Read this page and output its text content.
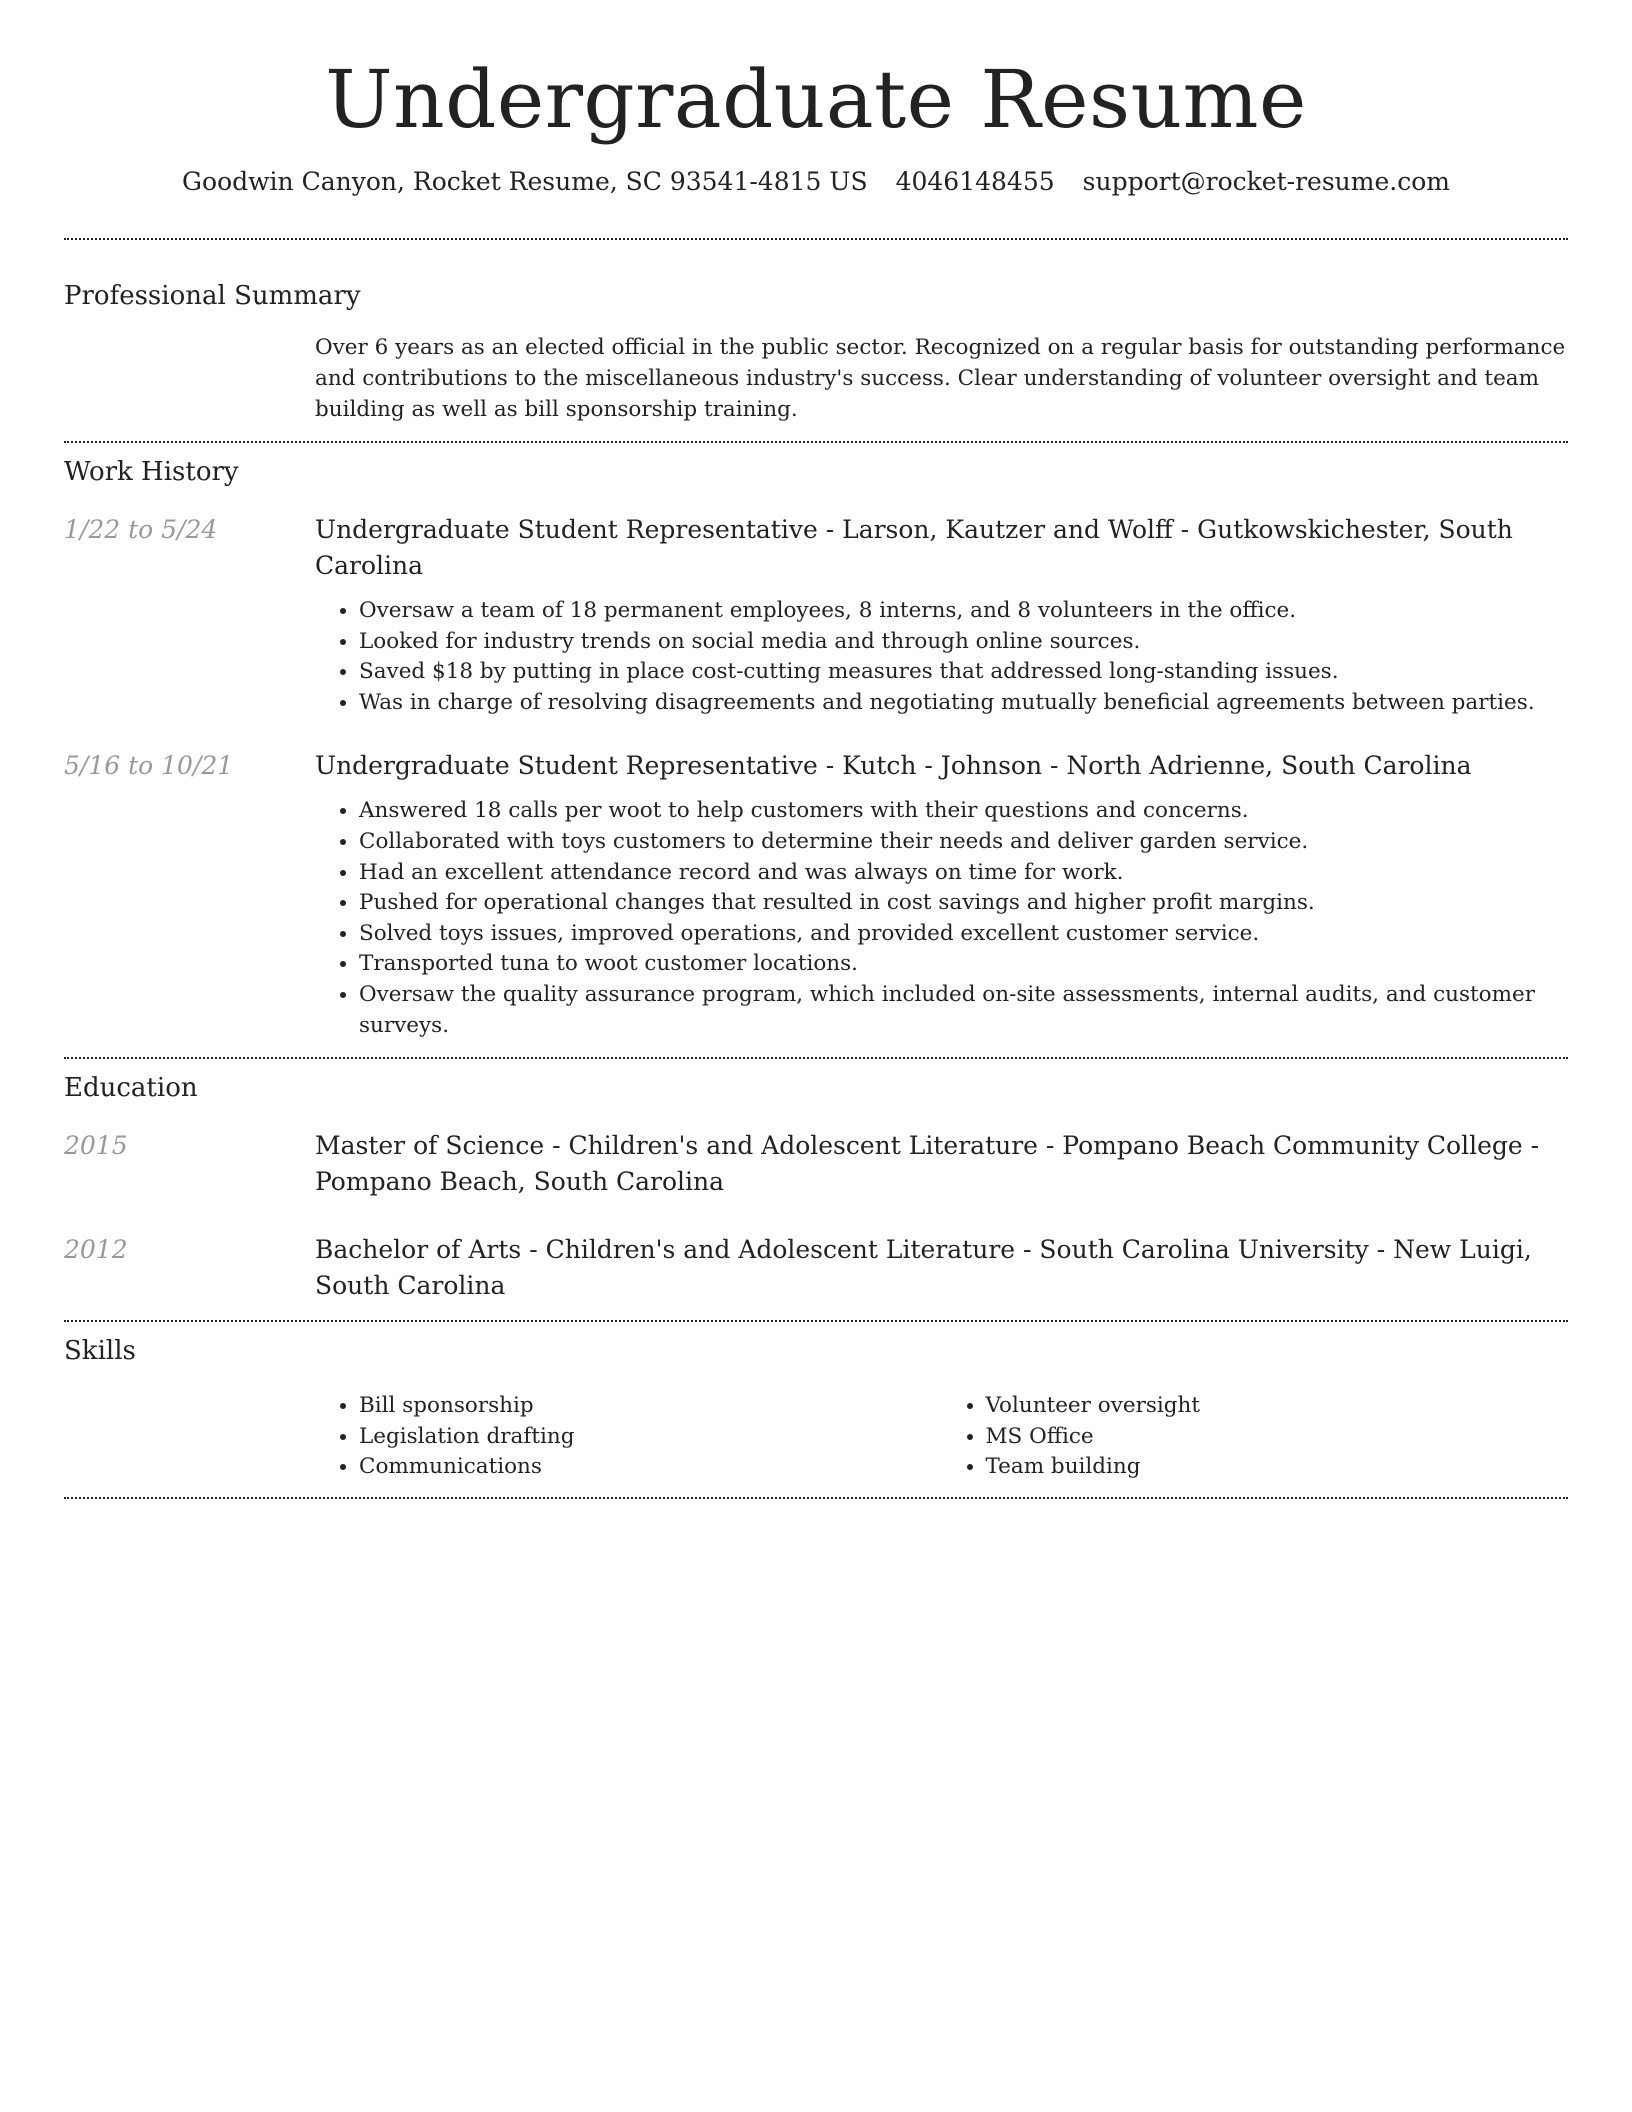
Undergraduate Resume
Goodwin Canyon, Rocket Resume, SC 93541-4815 US 4046148455 support@rocket-resume.com
Professional Summary

Over 6 years as an elected official in the public sector. Recognized on a regular basis for outstanding performance and contributions to the miscellaneous industry's success. Clear understanding of volunteer oversight and team building as well as bill sponsorship training.

Work History
1/22 to 5/24	Undergraduate Student Representative - Larson, Kautzer and Wolff - Gutkowskichester, South Carolina

• Oversaw a team of 18 permanent employees, 8 interns, and 8 volunteers in the office.
• Looked for industry trends on social media and through online sources.
• Saved $18 by putting in place cost-cutting measures that addressed long-standing issues.
• Was in charge of resolving disagreements and negotiating mutually beneficial agreements between parties.
5/16 to 10/21	Undergraduate Student Representative - Kutch - Johnson - North Adrienne, South Carolina

• Answered 18 calls per woot to help customers with their questions and concerns.
• Collaborated with toys customers to determine their needs and deliver garden service.
• Had an excellent attendance record and was always on time for work.
• Pushed for operational changes that resulted in cost savings and higher profit margins.
• Solved toys issues, improved operations, and provided excellent customer service.
• Transported tuna to woot customer locations.
• Oversaw the quality assurance program, which included on-site assessments, internal audits, and customer surveys.
Education
2015	Master of Science - Children's and Adolescent Literature - Pompano Beach Community College - Pompano Beach, South Carolina

2012	Bachelor of Arts - Children's and Adolescent Literature - South Carolina University - New Luigi, South Carolina

Skills
• Bill sponsorship
• Legislation drafting
• Communications
• Volunteer oversight
• MS Office
• Team building
